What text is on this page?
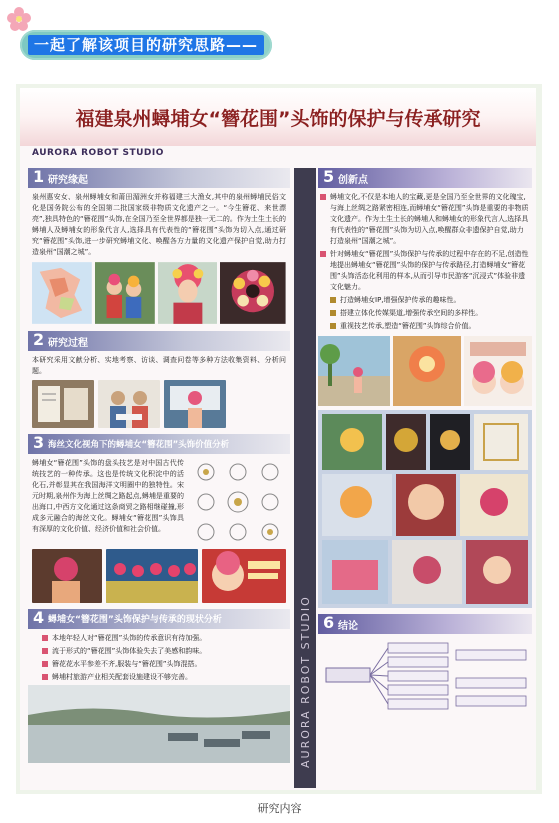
一起了解该项目的研究思路——
福建泉州蟳埔女“簪花围”头饰的保护与传承研究
AURORA ROBOT STUDIO
1 研究缘起
泉州惠安女、泉州蟳埔女和莆田湄洲女并称福建三大渔女,其中的泉州蟳埔民俗文化是国务院公布的全国第二批国家级非物质文化遗产之一。“今生簪花、来世漂亮”,独具特色的“簪花围”头饰,在全国乃至全世界都是独一无二的。作为土生土长的蟳埔人及蟳埔女的形象代言人,选择具有代表性的“簪花围”头饰为切入点,通过研究“簪花围”头饰,进一步研究蟳埔文化、唤醒各方力量的文化遗产保护自觉,助力打造泉州“国潮之城”。
2 研究过程
本研究采用文献分析、实地考察、访谈、调查问卷等多种方法收集资料、分析问题。
3 海丝文化视角下的蟳埔女“簪花围”头饰价值分析
蟳埔女“簪花围”头饰的盘头技艺是对中国古代传统技艺的一种传承。这也是传统文化积淀中的活化石,并彰显其在我国海洋文明圈中的独特性。宋元时期,泉州作为海上丝绸之路起点,蟳埔是重要的出海口,中西方文化通过这条商贸之路相继碰撞,形成多元融合的海丝文化。蟳埔女“簪花围”头饰具有深厚的文化价值、经济价值和社会价值。
4 蟳埔女“簪花围”头饰保护与传承的现状分析
本地年轻人对“簪花围”头饰的传承意识有待加强。
流于形式的“簪花围”头饰体验失去了美感和韵味。
簪花花水平参差不齐,服装与“簪花围”头饰混搭。
蟳埔村旅游产业相关配套设施建设不够完善。	AURORA ROBOT STUDIO
5 创新点
蟳埔文化,不仅是本地人的宝藏,更是全国乃至全世界的文化瑰宝,与海上丝绸之路紧密相连,而蟳埔女“簪花围”头饰是重要的非物质文化遗产。作为土生土长的蟳埔人和蟳埔女的形象代言人,选择具有代表性的“簪花围”头饰为切入点,唤醒群众非遗保护自觉,助力打造泉州“国潮之城”。
针对蟳埔女“簪花围”头饰保护与传承的过程中存在的不足,创造性地提出蟳埔女“簪花围”头饰的保护与传承路径,打造蟳埔女“簪花围”头饰活态化利用的样本,从而引导市民游客“沉浸式”体验非遗文化魅力。
打造蟳埔女IP,增强保护传承的趣味性。
搭建立体化传媒渠道,增强传承空间的多样性。
重视技艺传承,塑造“簪花围”头饰综合价值。
6 结论
研究内容
